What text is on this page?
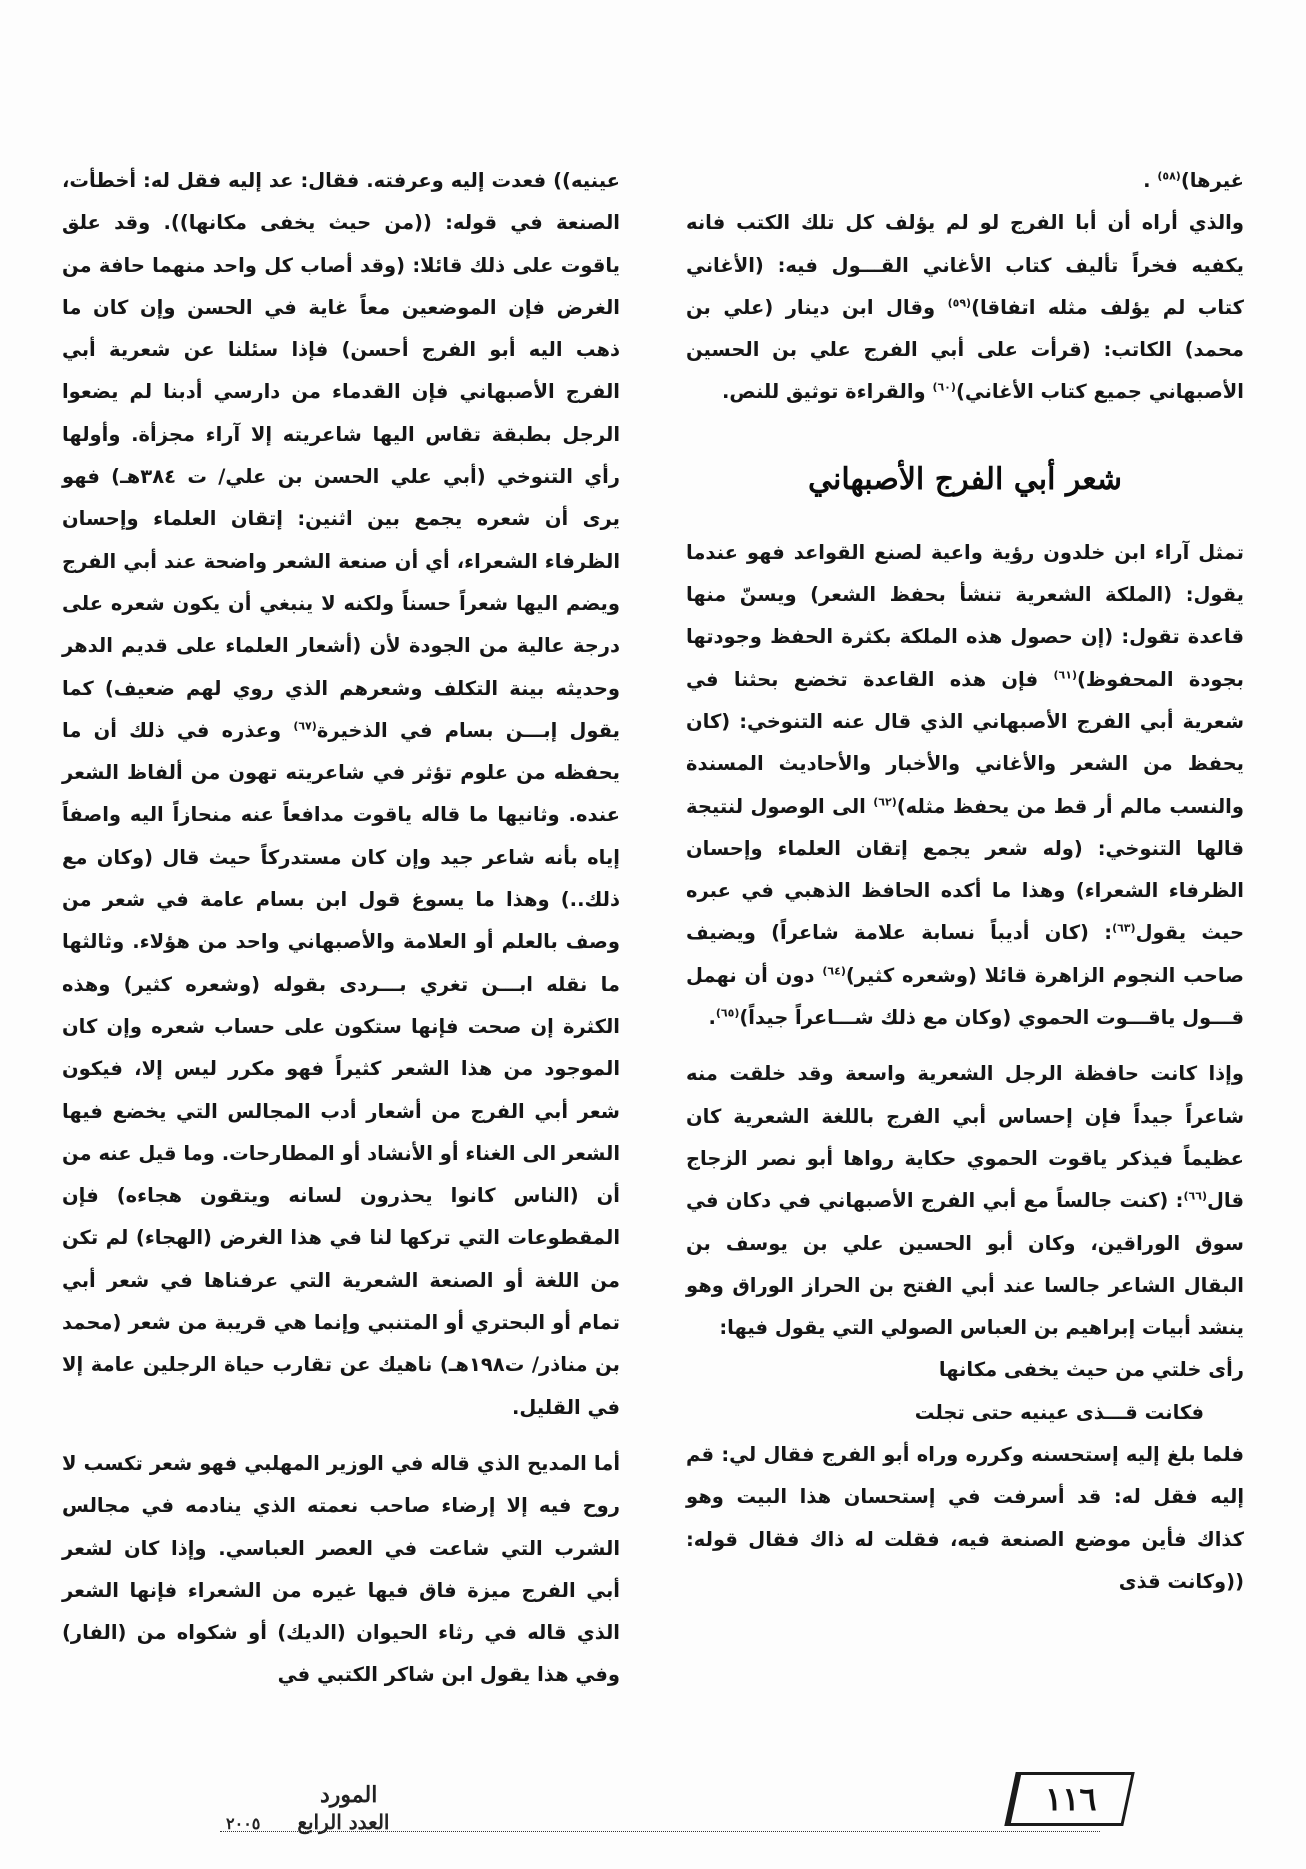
غيرها)$^{(٥٨)}$ .

والذي أراه أن أبا الفرج لو لم يؤلف كل تلك الكتب فانه يكفيه فخراً تأليف كتاب الأغاني القـــول فيه: (الأغاني كتاب لم يؤلف مثله اتفاقا)$^{(٥٩)}$ وقال ابن دينار (علي بن محمد) الكاتب: (قرأت على أبي الفرج علي بن الحسين الأصبهاني جميع كتاب الأغاني)$^{(٦٠)}$ والقراءة توثيق للنص.

شعر أبي الفرج الأصبهاني

تمثل آراء ابن خلدون رؤية واعية لصنع القواعد فهو عندما يقول: (الملكة الشعرية تنشأ بحفظ الشعر) ويسنّ منها قاعدة تقول: (إن حصول هذه الملكة بكثرة الحفظ وجودتها بجودة المحفوظ)$^{(٦١)}$ فإن هذه القاعدة تخضع بحثنا في شعرية أبي الفرج الأصبهاني الذي قال عنه التنوخي: (كان يحفظ من الشعر والأغاني والأخبار والأحاديث المسندة والنسب مالم أر قط من يحفظ مثله)$^{(٦٢)}$ الى الوصول لنتيجة قالها التنوخي: (وله شعر يجمع إتقان العلماء وإحسان الظرفاء الشعراء) وهذا ما أكده الحافظ الذهبي في عبره حيث يقول$^{(٦٣)}$: (كان أديباً نسابة علامة شاعراً) ويضيف صاحب النجوم الزاهرة قائلا (وشعره كثير)$^{(٦٤)}$ دون أن نهمل قـــول ياقـــوت الحموي (وكان مع ذلك شـــاعراً جيداً)$^{(٦٥)}$.

وإذا كانت حافظة الرجل الشعرية واسعة وقد خلقت منه شاعراً جيداً فإن إحساس أبي الفرج باللغة الشعرية كان عظيماً فيذكر ياقوت الحموي حكاية رواها أبو نصر الزجاج قال$^{(٦٦)}$: (كنت جالساً مع أبي الفرج الأصبهاني في دكان في سوق الوراقين، وكان أبو الحسين علي بن يوسف بن البقال الشاعر جالسا عند أبي الفتح بن الحراز الوراق وهو ينشد أبيات إبراهيم بن العباس الصولي التي يقول فيها:

رأى خلتي من حيث يخفى مكانها

فكانت قـــذى عينيه حتى تجلت

فلما بلغ إليه إستحسنه وكرره وراه أبو الفرج فقال لي: قم إليه فقل له: قد أسرفت في إستحسان هذا البيت وهو كذاك فأين موضع الصنعة فيه، فقلت له ذاك فقال قوله: ((وكانت قذى

عينيه)) فعدت إليه وعرفته. فقال: عد إليه فقل له: أخطأت، الصنعة في قوله: ((من حيث يخفى مكانها)). وقد علق ياقوت على ذلك قائلا: (وقد أصاب كل واحد منهما حافة من الغرض فإن الموضعين معاً غاية في الحسن وإن كان ما ذهب اليه أبو الفرج أحسن) فإذا سئلنا عن شعرية أبي الفرج الأصبهاني فإن القدماء من دارسي أدبنا لم يضعوا الرجل بطبقة تقاس اليها شاعريته إلا آراء مجزأة. وأولها رأي التنوخي (أبي علي الحسن بن علي/ ت ٣٨٤هـ) فهو يرى أن شعره يجمع بين اثنين: إتقان العلماء وإحسان الظرفاء الشعراء، أي أن صنعة الشعر واضحة عند أبي الفرج ويضم اليها شعراً حسناً ولكنه لا ينبغي أن يكون شعره على درجة عالية من الجودة لأن (أشعار العلماء على قديم الدهر وحديثه بينة التكلف وشعرهم الذي روي لهم ضعيف) كما يقول إبـــن بسام في الذخيرة$^{(٦٧)}$ وعذره في ذلك أن ما يحفظه من علوم تؤثر في شاعريته تهون من ألفاظ الشعر عنده. وثانيها ما قاله ياقوت مدافعاً عنه منحازاً اليه واصفاً إياه بأنه شاعر جيد وإن كان مستدركاً حيث قال (وكان مع ذلك..) وهذا ما يسوغ قول ابن بسام عامة في شعر من وصف بالعلم أو العلامة والأصبهاني واحد من هؤلاء. وثالثها ما نقله ابـــن تغري بـــردى بقوله (وشعره كثير) وهذه الكثرة إن صحت فإنها ستكون على حساب شعره وإن كان الموجود من هذا الشعر كثيراً فهو مكرر ليس إلا، فيكون شعر أبي الفرج من أشعار أدب المجالس التي يخضع فيها الشعر الى الغناء أو الأنشاد أو المطارحات. وما قيل عنه من أن (الناس كانوا يحذرون لسانه ويتقون هجاءه) فإن المقطوعات التي تركها لنا في هذا الغرض (الهجاء) لم تكن من اللغة أو الصنعة الشعرية التي عرفناها في شعر أبي تمام أو البحتري أو المتنبي وإنما هي قريبة من شعر (محمد بن مناذر/ ت١٩٨هـ) ناهيك عن تقارب حياة الرجلين عامة إلا في القليل.

أما المديح الذي قاله في الوزير المهلبي فهو شعر تكسب لا روح فيه إلا إرضاء صاحب نعمته الذي ينادمه في مجالس الشرب التي شاعت في العصر العباسي. وإذا كان لشعر أبي الفرج ميزة فاق فيها غيره من الشعراء فإنها الشعر الذي قاله في رثاء الحيوان (الديك) أو شكواه من (الفار) وفي هذا يقول ابن شاكر الكتبي في

١١٦
المورد
العدد الرابع ٢٠٠٥
